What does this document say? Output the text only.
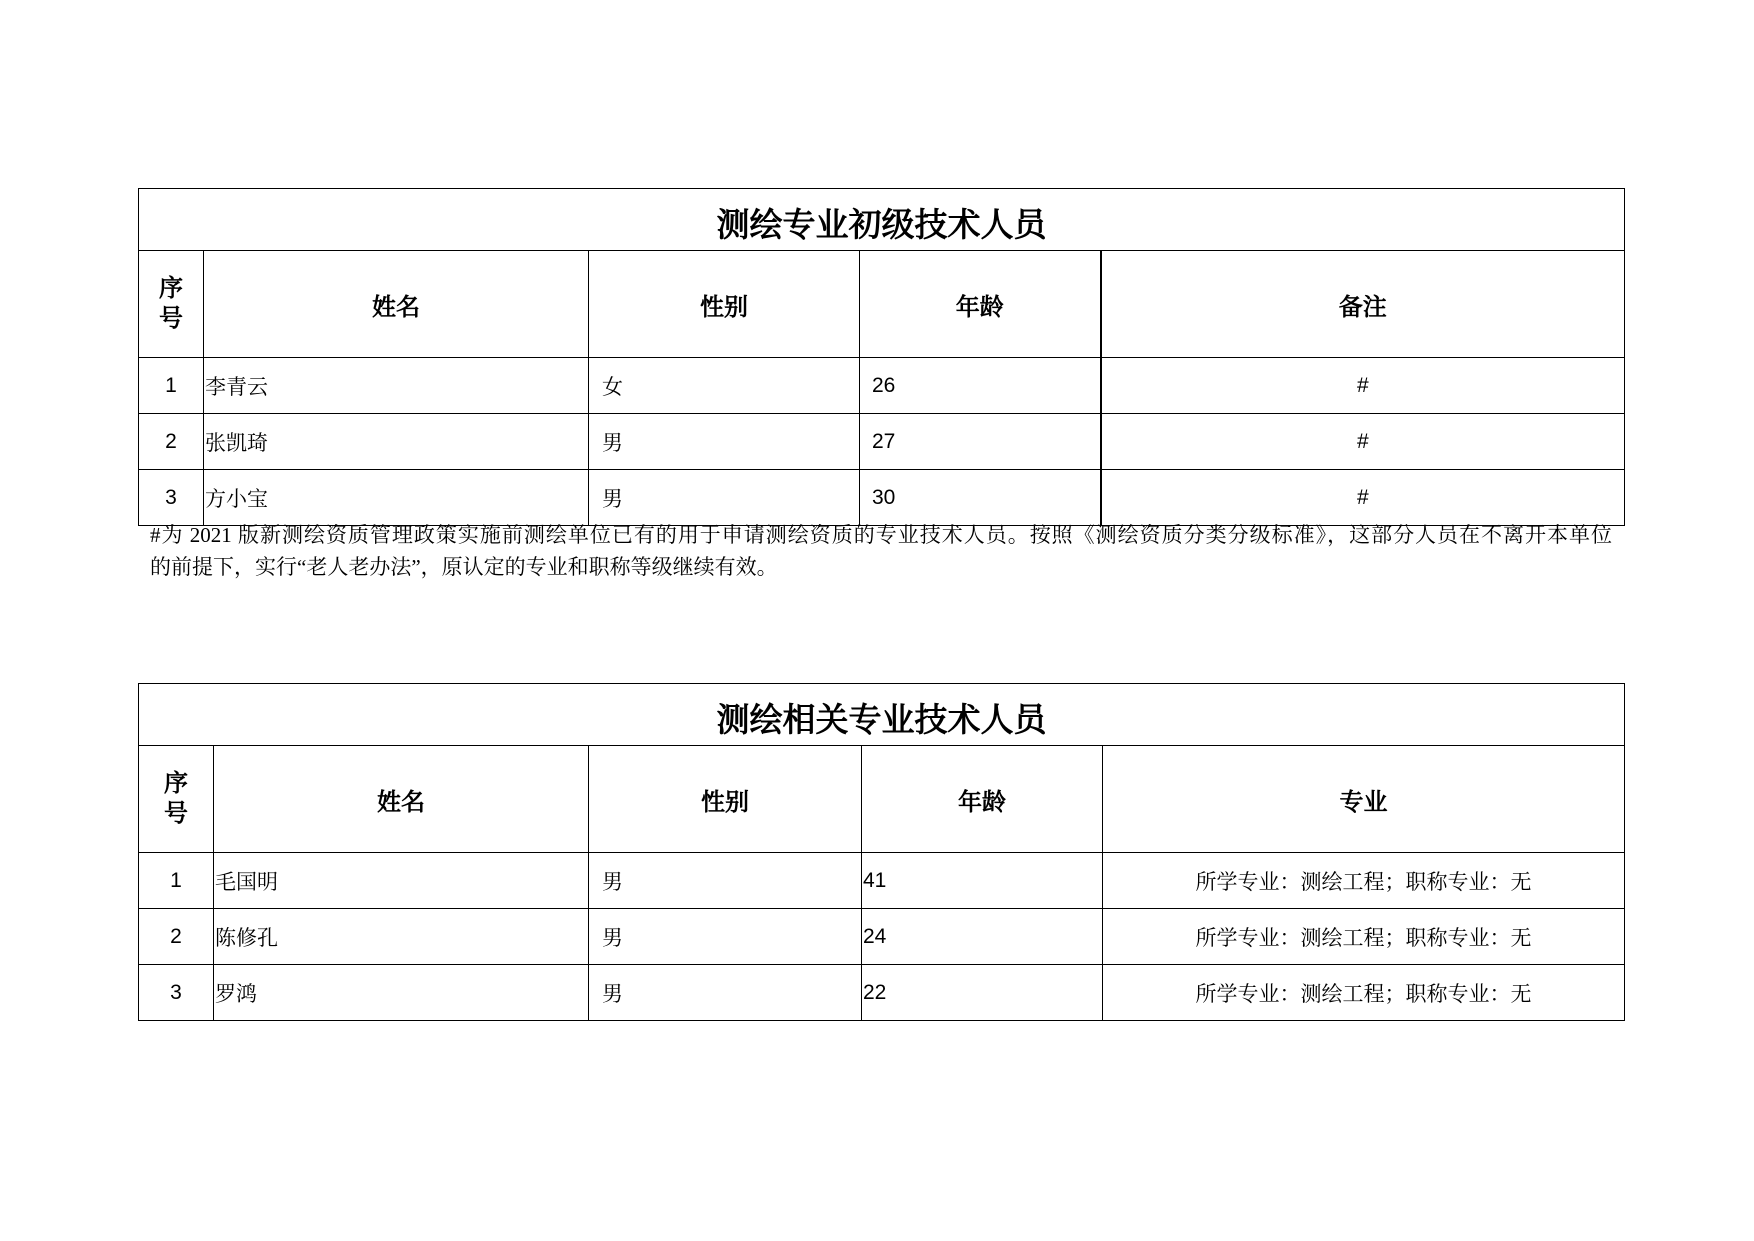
测绘专业初级技术人员				
序号	姓名	性别	年龄	备注
1	李青云	女	26	#
2	张凯琦	男	27	#
3	方小宝	男	30	#
#为 2021 版新测绘资质管理政策实施前测绘单位已有的用于申请测绘资质的专业技术人员。按照《测绘资质分类分级标准》，这部分人员在不离开本单位
的前提下，实行“老人老办法”，原认定的专业和职称等级继续有效。
测绘相关专业技术人员				
序号	姓名	性别	年龄	专业
1	毛国明	男	41	所学专业：测绘工程；职称专业：无
2	陈修孔	男	24	所学专业：测绘工程；职称专业：无
3	罗鸿	男	22	所学专业：测绘工程；职称专业：无
